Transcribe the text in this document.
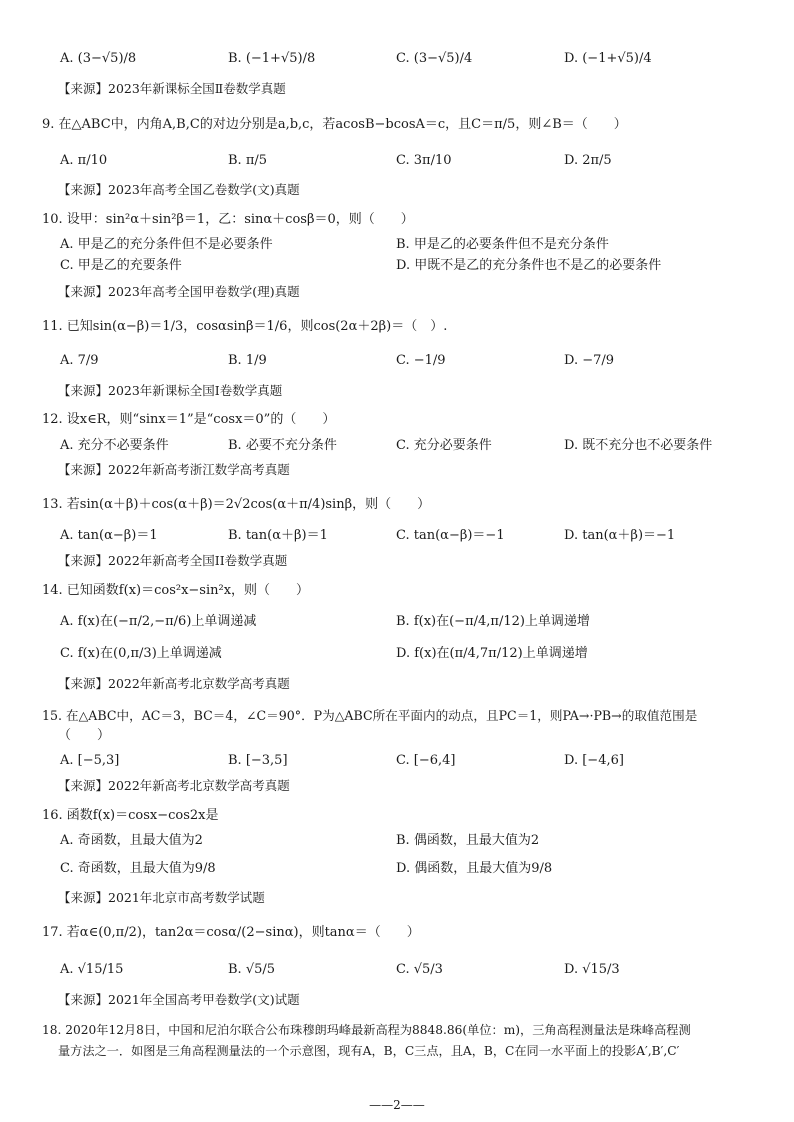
A. (3−√5)/8	B. (−1+√5)/8	C. (3−√5)/4	D. (−1+√5)/4
【来源】2023年新课标全国Ⅱ卷数学真题
9. 在△ABC中，内角A,B,C的对边分别是a,b,c，若acosB−bcosA＝c，且C＝π/5，则∠B＝（　　）
A. π/10	B. π/5	C. 3π/10	D. 2π/5
【来源】2023年高考全国乙卷数学(文)真题
10. 设甲：sin²α＋sin²β＝1，乙：sinα＋cosβ＝0，则（　　）
A. 甲是乙的充分条件但不是必要条件	B. 甲是乙的必要条件但不是充分条件
C. 甲是乙的充要条件	D. 甲既不是乙的充分条件也不是乙的必要条件
【来源】2023年高考全国甲卷数学(理)真题
11. 已知sin(α−β)＝1/3，cosαsinβ＝1/6，则cos(2α＋2β)＝（　）.
A. 7/9	B. 1/9	C. −1/9	D. −7/9
【来源】2023年新课标全国Ⅰ卷数学真题
12. 设x∈R，则“sinx＝1”是“cosx＝0”的（　　）
A. 充分不必要条件	B. 必要不充分条件	C. 充分必要条件	D. 既不充分也不必要条件
【来源】2022年新高考浙江数学高考真题
13. 若sin(α＋β)＋cos(α＋β)＝2√2cos(α＋π/4)sinβ，则（　　）
A. tan(α−β)＝1	B. tan(α＋β)＝1	C. tan(α−β)＝−1	D. tan(α＋β)＝−1
【来源】2022年新高考全国II卷数学真题
14. 已知函数f(x)＝cos²x−sin²x，则（　　）
A. f(x)在(−π/2,−π/6)上单调递减	B. f(x)在(−π/4,π/12)上单调递增
C. f(x)在(0,π/3)上单调递减	D. f(x)在(π/4,7π/12)上单调递增
【来源】2022年新高考北京数学高考真题
15. 在△ABC中，AC＝3，BC＝4，∠C＝90°．P为△ABC所在平面内的动点，且PC＝1，则PA→·PB→的取值范围是
（　　）
A. [−5,3]	B. [−3,5]	C. [−6,4]	D. [−4,6]
【来源】2022年新高考北京数学高考真题
16. 函数f(x)＝cosx−cos2x是
A. 奇函数，且最大值为2	B. 偶函数，且最大值为2
C. 奇函数，且最大值为9/8	D. 偶函数，且最大值为9/8
【来源】2021年北京市高考数学试题
17. 若α∈(0,π/2)，tan2α＝cosα/(2−sinα)，则tanα＝（　　）
A. √15/15	B. √5/5	C. √5/3	D. √15/3
【来源】2021年全国高考甲卷数学(文)试题
18. 2020年12月8日，中国和尼泊尔联合公布珠穆朗玛峰最新高程为8848.86(单位：m)，三角高程测量法是珠峰高程测
量方法之一．如图是三角高程测量法的一个示意图，现有A，B，C三点，且A，B，C在同一水平面上的投影A′,B′,C′
——2——
